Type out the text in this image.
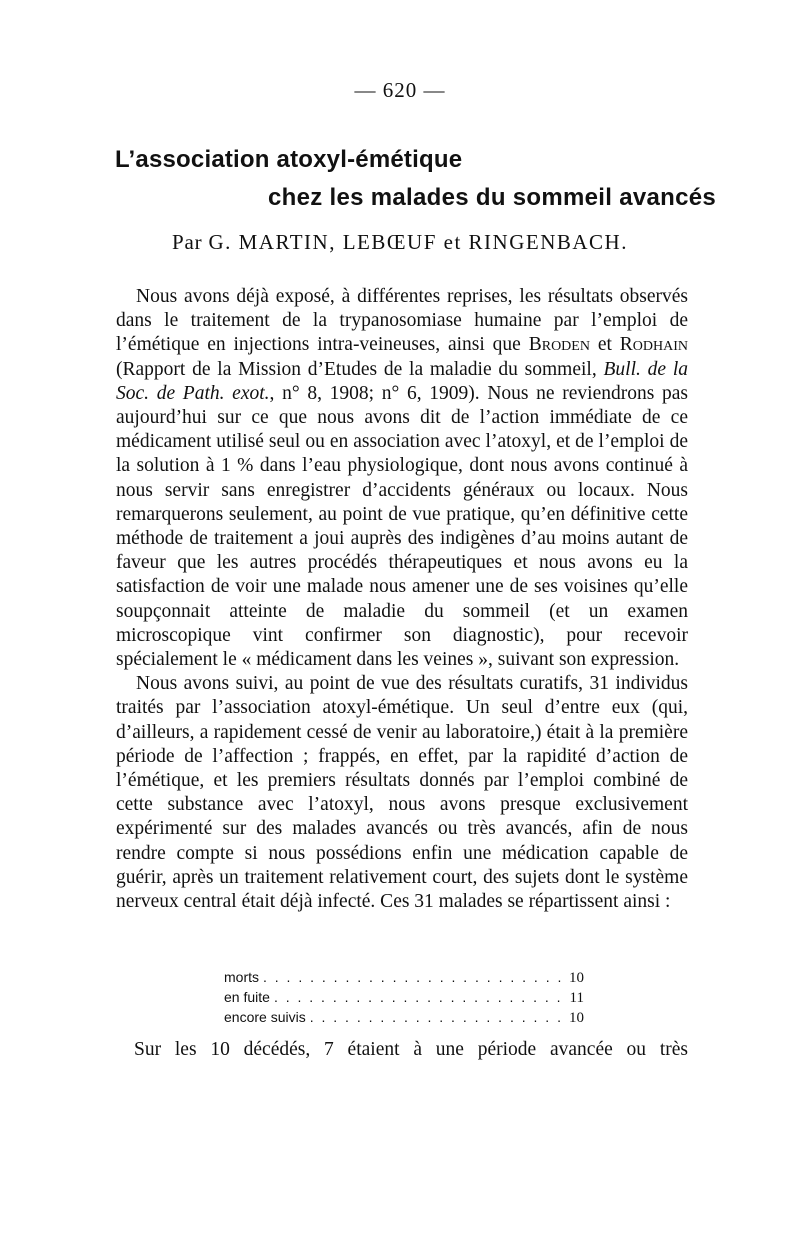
— 620 —
L’association atoxyl-émétique
chez les malades du sommeil avancés
Par G. MARTIN, LEBŒUF et RINGENBACH.

Nous avons déjà exposé, à différentes reprises, les résultats observés dans le traitement de la trypanosomiase humaine par l’emploi de l’émétique en injections intra-veineuses, ainsi que Broden et Rodhain (Rapport de la Mission d’Etudes de la maladie du sommeil, Bull. de la Soc. de Path. exot., n° 8, 1908; n° 6, 1909). Nous ne reviendrons pas aujourd’hui sur ce que nous avons dit de l’action immédiate de ce médicament utilisé seul ou en association avec l’atoxyl, et de l’emploi de la solution à 1 % dans l’eau physiologique, dont nous avons continué à nous servir sans enregistrer d’accidents généraux ou locaux. Nous remarquerons seulement, au point de vue pratique, qu’en définitive cette méthode de traitement a joui auprès des indigènes d’au moins autant de faveur que les autres procédés thérapeutiques et nous avons eu la satisfaction de voir une malade nous amener une de ses voisines qu’elle soupçonnait atteinte de maladie du sommeil (et un examen microscopique vint confirmer son diagnostic), pour recevoir spécialement le « médicament dans les veines », suivant son expression.

Nous avons suivi, au point de vue des résultats curatifs, 31 individus traités par l’association atoxyl-émétique. Un seul d’entre eux (qui, d’ailleurs, a rapidement cessé de venir au laboratoire,) était à la première période de l’affection ; frappés, en effet, par la rapidité d’action de l’émétique, et les premiers résultats donnés par l’emploi combiné de cette substance avec l’atoxyl, nous avons presque exclusivement expérimenté sur des malades avancés ou très avancés, afin de nous rendre compte si nous possédions enfin une médication capable de guérir, après un traitement relativement court, des sujets dont le système nerveux central était déjà infecté. Ces 31 malades se répartissent ainsi :

morts . . .	10
en fuite . . .	11
encore suivis . . .	10
Sur les 10 décédés, 7 étaient à une période avancée ou très
